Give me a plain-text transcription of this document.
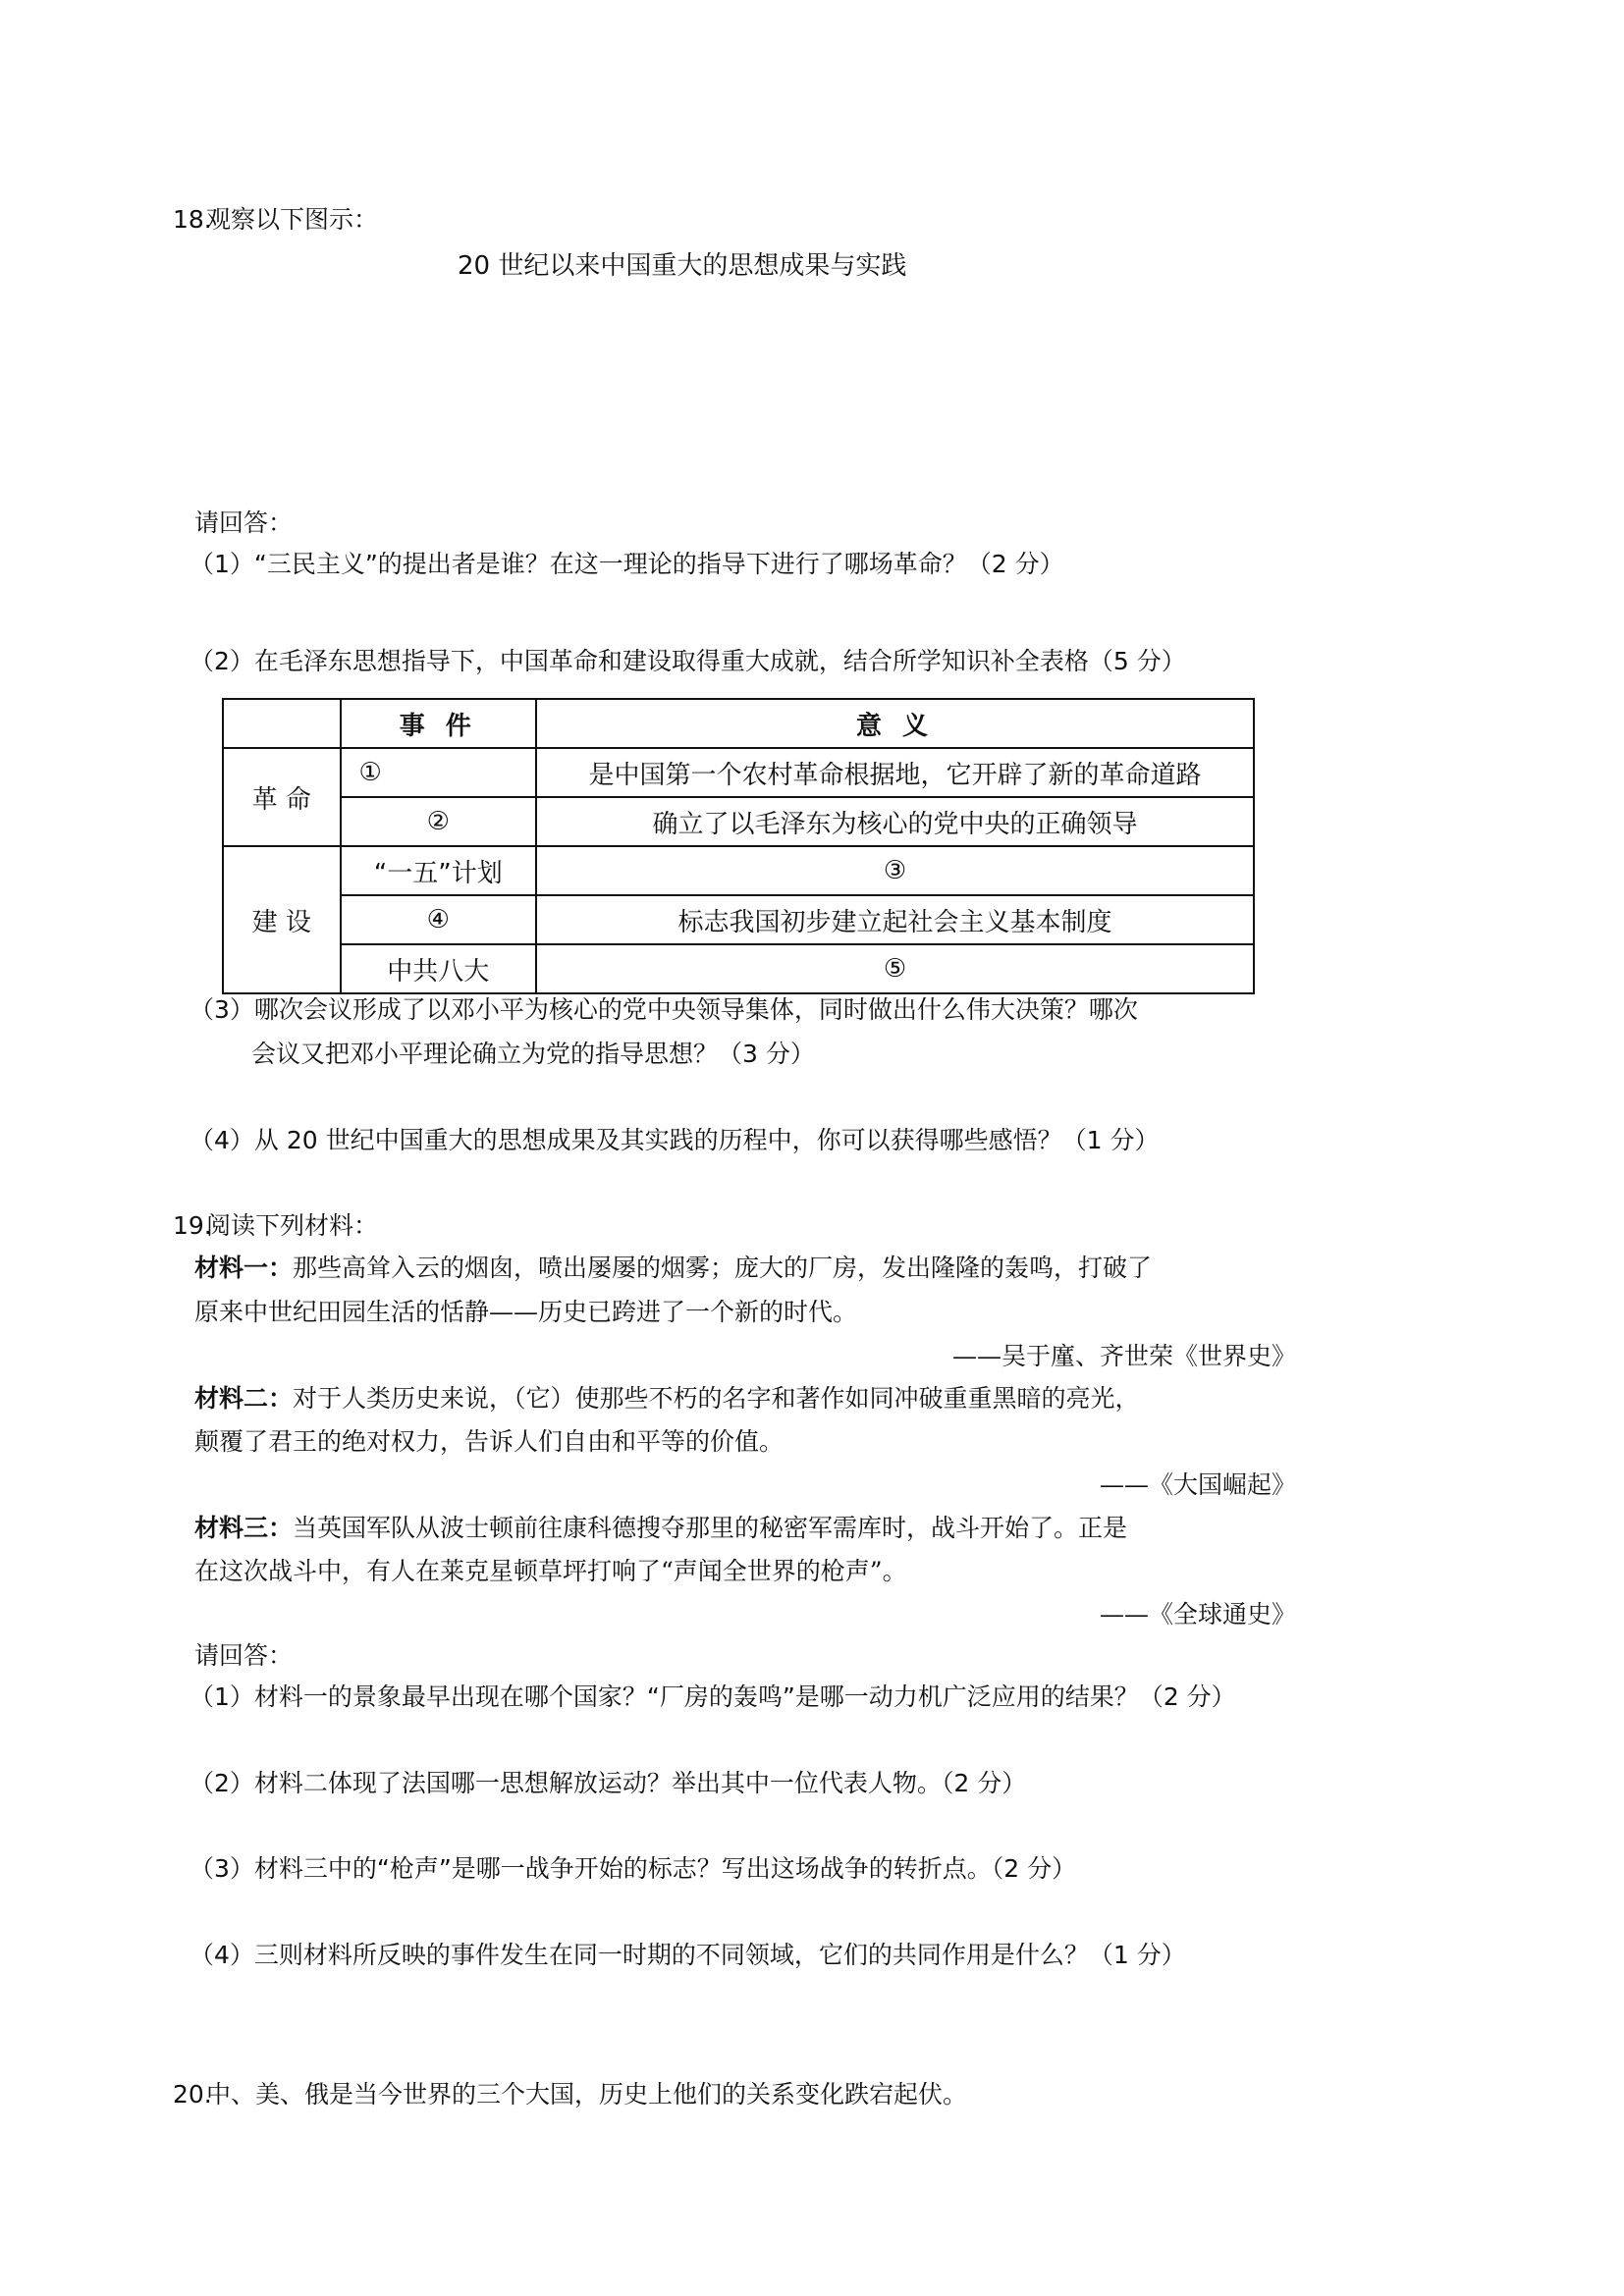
18.
观察以下图示：
20 世纪以来中国重大的思想成果与实践
请回答：
（1）“三民主义”的提出者是谁？在这一理论的指导下进行了哪场革命？（2 分）
（2）在毛泽东思想指导下，中国革命和建设取得重大成就，结合所学知识补全表格（5 分）
	事 件	意 义
革 命	①	是中国第一个农村革命根据地，它开辟了新的革命道路
	②	确立了以毛泽东为核心的党中央的正确领导
建 设	“一五”计划	③
	④	标志我国初步建立起社会主义基本制度
	中共八大	⑤
（3）哪次会议形成了以邓小平为核心的党中央领导集体，同时做出什么伟大决策？哪次
会议又把邓小平理论确立为党的指导思想？（3 分）
（4）从 20 世纪中国重大的思想成果及其实践的历程中，你可以获得哪些感悟？（1 分）
19.
阅读下列材料：
材料一：那些高耸入云的烟囱，喷出屡屡的烟雾；庞大的厂房，发出隆隆的轰鸣，打破了
原来中世纪田园生活的恬静——历史已跨进了一个新的时代。
——吴于廑、齐世荣《世界史》
材料二：对于人类历史来说，（它）使那些不朽的名字和著作如同冲破重重黑暗的亮光，
颠覆了君王的绝对权力，告诉人们自由和平等的价值。
——《大国崛起》
材料三：当英国军队从波士顿前往康科德搜夺那里的秘密军需库时，战斗开始了。正是
在这次战斗中，有人在莱克星顿草坪打响了“声闻全世界的枪声”。
——《全球通史》
请回答：
（1）材料一的景象最早出现在哪个国家？“厂房的轰鸣”是哪一动力机广泛应用的结果？（2 分）
（2）材料二体现了法国哪一思想解放运动？举出其中一位代表人物。（2 分）
（3）材料三中的“枪声”是哪一战争开始的标志？写出这场战争的转折点。（2 分）
（4）三则材料所反映的事件发生在同一时期的不同领域，它们的共同作用是什么？（1 分）
20.
中、美、俄是当今世界的三个大国，历史上他们的关系变化跌宕起伏。
